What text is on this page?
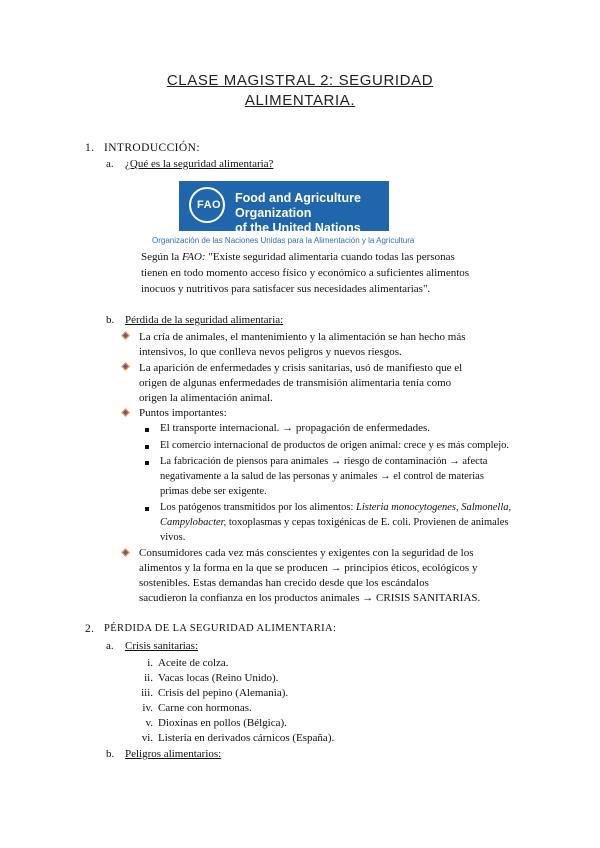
CLASE MAGISTRAL 2: SEGURIDAD
ALIMENTARIA.
1. INTRODUCCIÓN:
a. ¿Qué es la seguridad alimentaria?
FAO Food and Agriculture Organization
of the United Nations
Organización de las Naciones Unidas para la Alimentación y la Agricultura
Según la FAO: "Existe seguridad alimentaria cuando todas las personas
tienen en todo momento acceso físico y económico a suficientes alimentos
inocuos y nutritivos para satisfacer sus necesidades alimentarias".
b. Pérdida de la seguridad alimentaria:
La cría de animales, el mantenimiento y la alimentación se han hecho más
intensivos, lo que conlleva nevos peligros y nuevos riesgos.
La aparición de enfermedades y crisis sanitarias, usó de manifiesto que el
origen de algunas enfermedades de transmisión alimentaria tenía como
origen la alimentación animal.
Puntos importantes:
El transporte internacional. → propagación de enfermedades.
El comercio internacional de productos de origen animal: crece y es más complejo.
La fabricación de piensos para animales → riesgo de contaminación → afecta
negativamente a la salud de las personas y animales → el control de materias
primas debe ser exigente.
Los patógenos transmitidos por los alimentos: Listeria monocytogenes, Salmonella,
Campylobacter, toxoplasmas y cepas toxigénicas de E. coli. Provienen de animales
vivos.
Consumidores cada vez más conscientes y exigentes con la seguridad de los
alimentos y la forma en la que se producen → principios éticos, ecológicos y
sostenibles. Estas demandas han crecido desde que los escándalos
sacudieron la confianza en los productos animales → CRISIS SANITARIAS.
2. PÉRDIDA DE LA SEGURIDAD ALIMENTARIA:
a. Crisis sanitarias:
i. Aceite de colza.
ii. Vacas locas (Reino Unido).
iii. Crisis del pepino (Alemania).
iv. Carne con hormonas.
v. Dioxinas en pollos (Bélgica).
vi. Listeria en derivados cárnicos (España).
b. Peligros alimentarios:
